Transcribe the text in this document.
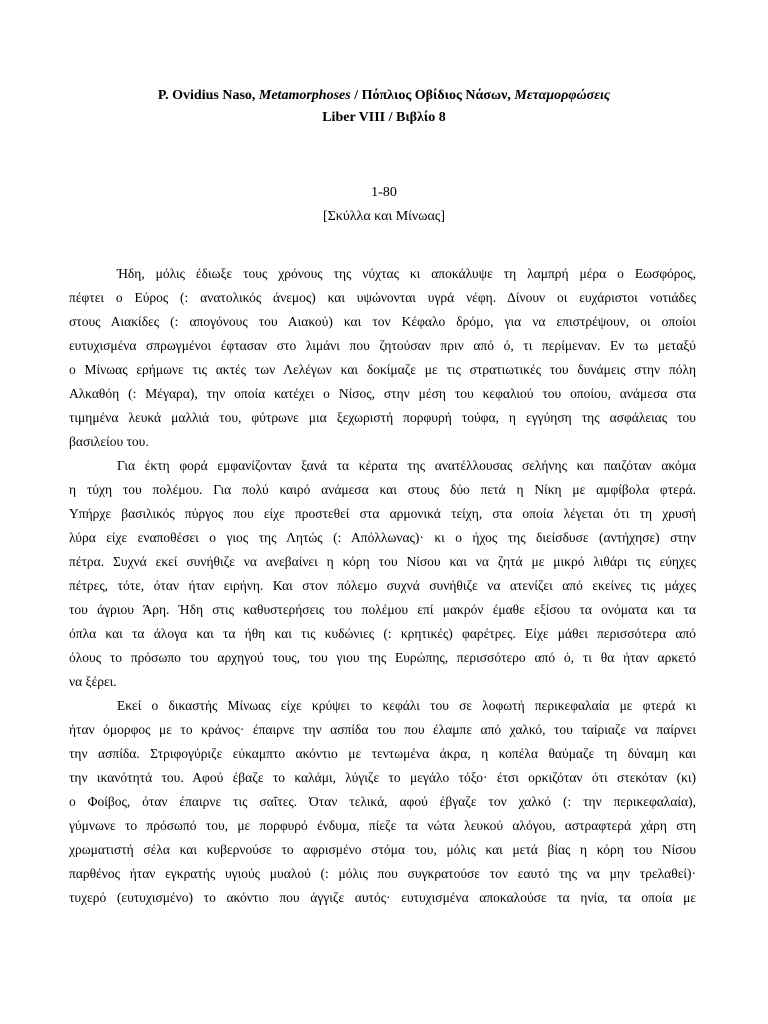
P. Ovidius Naso, Metamorphoses / Πόπλιος Οβίδιος Νάσων, Μεταμορφώσεις
Liber VIII / Βιβλίο 8
1-80
[Σκύλλα και Μίνωας]
Ήδη, μόλις έδιωξε τους χρόνους της νύχτας κι αποκάλυψε τη λαμπρή μέρα ο Εωσφόρος,
πέφτει ο Εύρος (: ανατολικός άνεμος) και υψώνονται υγρά νέφη. Δίνουν οι ευχάριστοι νοτιάδες
στους Αιακίδες (: απογόνους του Αιακού) και τον Κέφαλο δρόμο, για να επιστρέψουν, οι οποίοι
ευτυχισμένα σπρωγμένοι έφτασαν στο λιμάνι που ζητούσαν πριν από ό, τι περίμεναν. Εν τω μεταξύ
ο Μίνωας ερήμωνε τις ακτές των Λελέγων και δοκίμαζε με τις στρατιωτικές του δυνάμεις στην πόλη
Αλκαθόη (: Μέγαρα), την οποία κατέχει ο Νίσος, στην μέση του κεφαλιού του οποίου, ανάμεσα στα
τιμημένα λευκά μαλλιά του, φύτρωνε μια ξεχωριστή πορφυρή τούφα, η εγγύηση της ασφάλειας του
βασιλείου του.
Για έκτη φορά εμφανίζονταν ξανά τα κέρατα της ανατέλλουσας σελήνης και παιζόταν ακόμα
η τύχη του πολέμου. Για πολύ καιρό ανάμεσα και στους δύο πετά η Νίκη με αμφίβολα φτερά.
Υπήρχε βασιλικός πύργος που είχε προστεθεί στα αρμονικά τείχη, στα οποία λέγεται ότι τη χρυσή
λύρα είχε εναποθέσει ο γιος της Λητώς (: Απόλλωνας)· κι ο ήχος της διείσδυσε (αντήχησε) στην
πέτρα. Συχνά εκεί συνήθιζε να ανεβαίνει η κόρη του Νίσου και να ζητά με μικρό λιθάρι τις εύηχες
πέτρες, τότε, όταν ήταν ειρήνη. Και στον πόλεμο συχνά συνήθιζε να ατενίζει από εκείνες τις μάχες
του άγριου Άρη. Ήδη στις καθυστερήσεις του πολέμου επί μακρόν έμαθε εξίσου τα ονόματα και τα
όπλα και τα άλογα και τα ήθη και τις κυδώνιες (: κρητικές) φαρέτρες. Είχε μάθει περισσότερα από
όλους το πρόσωπο του αρχηγού τους, του γιου της Ευρώπης, περισσότερο από ό, τι θα ήταν αρκετό
να ξέρει.
Εκεί ο δικαστής Μίνωας είχε κρύψει το κεφάλι του σε λοφωτή περικεφαλαία με φτερά κι
ήταν όμορφος με το κράνος· έπαιρνε την ασπίδα του που έλαμπε από χαλκό, του ταίριαζε να παίρνει
την ασπίδα. Στριφογύριζε εύκαμπτο ακόντιο με τεντωμένα άκρα, η κοπέλα θαύμαζε τη δύναμη και
την ικανότητά του. Αφού έβαζε το καλάμι, λύγιζε το μεγάλο τόξο· έτσι ορκιζόταν ότι στεκόταν (κι)
ο Φοίβος, όταν έπαιρνε τις σαΐτες. Όταν τελικά, αφού έβγαζε τον χαλκό (: την περικεφαλαία),
γύμνωνε το πρόσωπό του, με πορφυρό ένδυμα, πίεζε τα νώτα λευκού αλόγου, αστραφτερά χάρη στη
χρωματιστή σέλα και κυβερνούσε το αφρισμένο στόμα του, μόλις και μετά βίας η κόρη του Νίσου
παρθένος ήταν εγκρατής υγιούς μυαλού (: μόλις που συγκρατούσε τον εαυτό της να μην τρελαθεί)·
τυχερό (ευτυχισμένο) το ακόντιο που άγγιζε αυτός· ευτυχισμένα αποκαλούσε τα ηνία, τα οποία με
